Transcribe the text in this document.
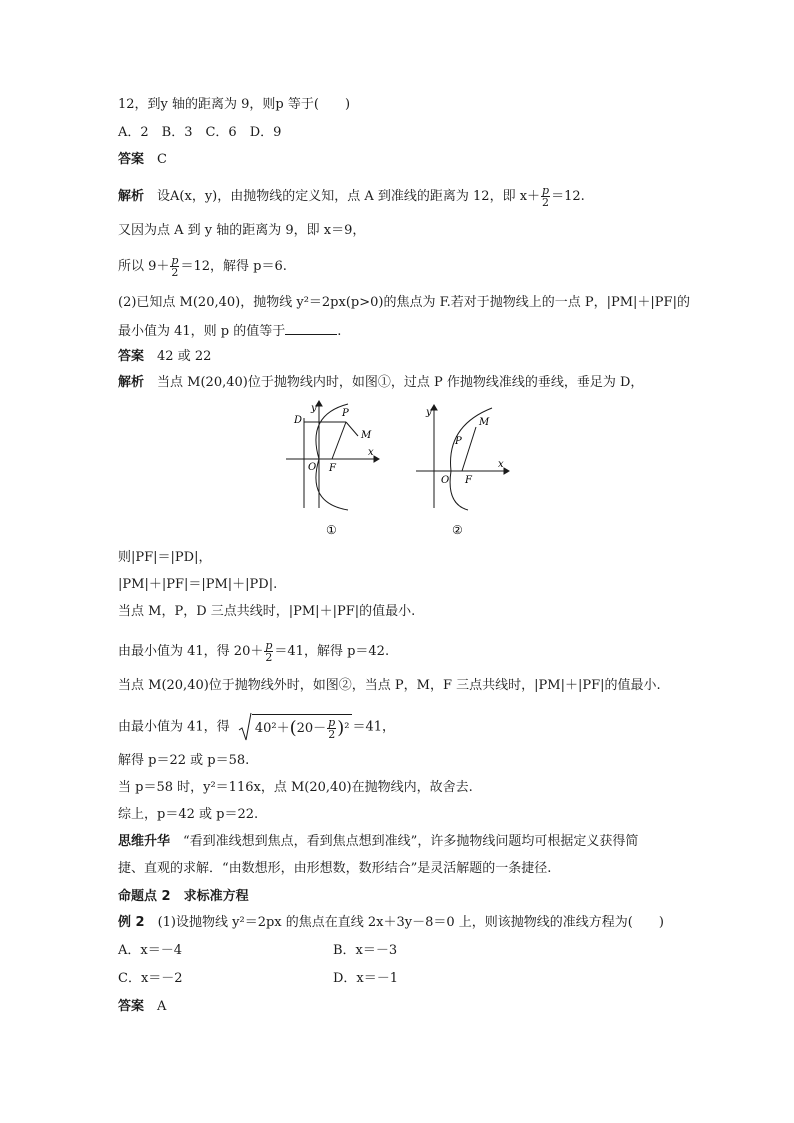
12，到y 轴的距离为 9，则p 等于(　　)
A．2　B．3　C．6　D．9
答案　 C
解析　 设A(x，y)，由抛物线的定义知，点 A 到准线的距离为 12，即 $x+ \frac{p}{2} =12$.
又因为点 A 到 y 轴的距离为 9，即 x＝9，
所以 $9+ \frac{p}{2} =12$，解得 p＝6.
(2)已知点 M(20,40)，抛物线 y²＝2px(p>0)的焦点为 F.若对于抛物线上的一点 P，|PM|＋|PF|的
最小值为 41，则 p 的值等于	.
答案　 42 或 22
解析　 当点 M(20,40)位于抛物线内时，如图①，过点 P 作抛物线准线的垂线，垂足为 D，
y
D
P
M
O F
x
①
y
M
P
O F
x
②
则|PF|＝|PD|，
|PM|＋|PF|＝|PM|＋|PD|.
当点 M，P，D 三点共线时，|PM|＋|PF|的值最小.
由最小值为 41，得 $20+ \frac{p}{2} =41$，解得 p＝42.
当点 M(20,40)位于抛物线外时，如图②，当点 P，M，F 三点共线时，|PM|＋|PF|的值最小.
由最小值为 41，得 $40^2+(20- \frac{p}{2} )^2 =41$，
解得 p＝22 或 p＝58.
当 p＝58 时，y²＝116x，点 M(20,40)在抛物线内，故舍去.
综上，p＝42 或 p＝22.
思维升华　 “看到准线想到焦点，看到焦点想到准线”，许多抛物线问题均可根据定义获得简
捷、直观的求解．“由数想形，由形想数，数形结合”是灵活解题的一条捷径.
命题点 2　求标准方程
例 2　 (1)设抛物线 y²＝2px 的焦点在直线 2x＋3y－8＝0 上，则该抛物线的准线方程为(　　)
A．x＝－4	B．x＝－3
C．x＝－2	D．x＝－1
答案　 A
